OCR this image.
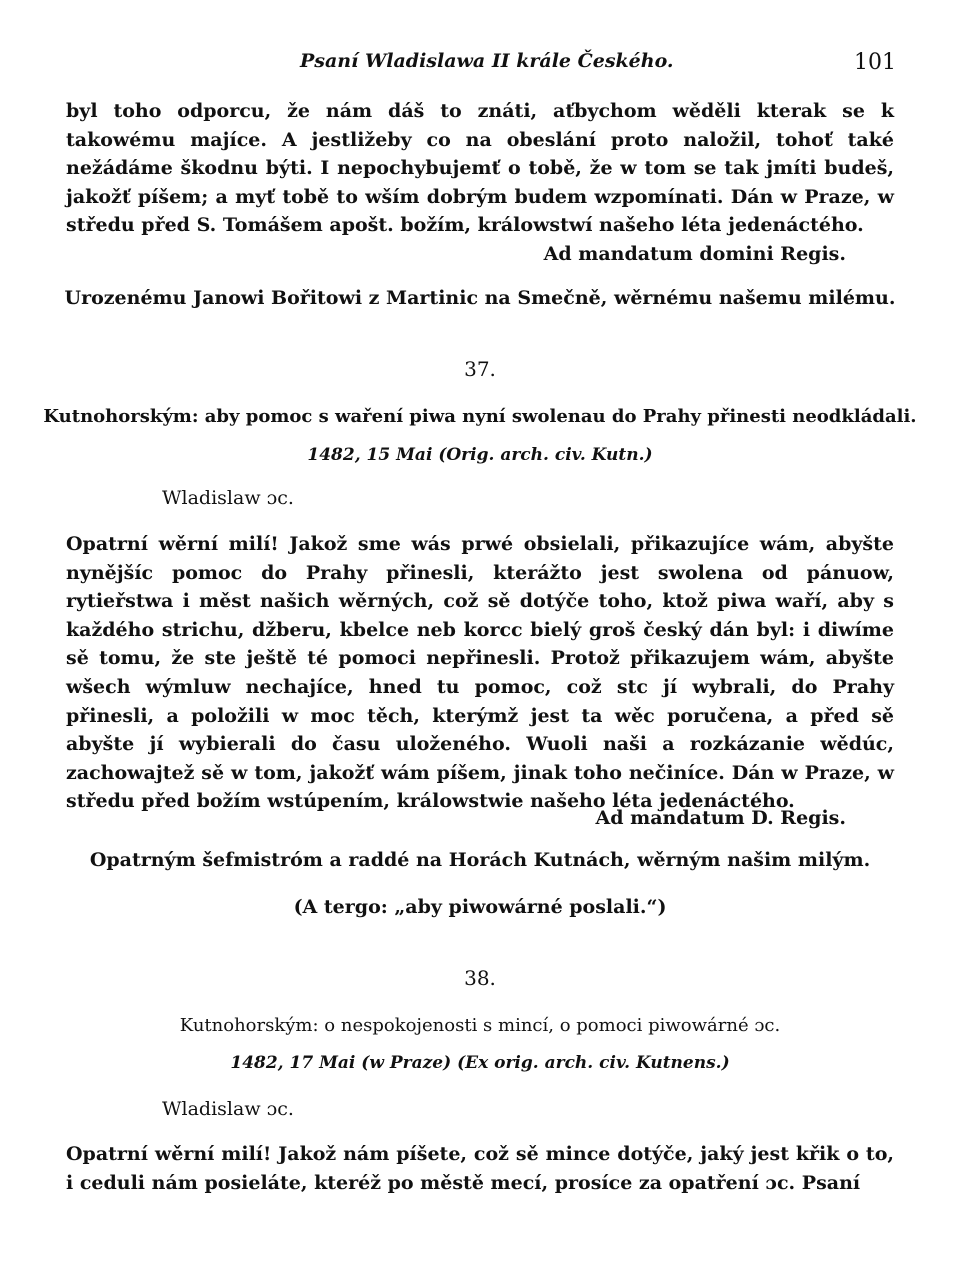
Psaní Wladislawa II krále Českého.	101
byl toho odporcu, že nám dáš to znáti, aťbychom wěděli kterak se k takowému majíce. A jestližeby co na obeslání proto naložil, tohoť také nežádáme škodnu býti. I nepochybujemť o tobě, že w tom se tak jmíti budeš, jakožť píšem; a myť tobě to wším dobrým budem wzpomínati. Dán w Praze, w středu před S. Tomášem apošt. božím, králowstwí našeho léta jedenáctého.
Ad mandatum domini Regis.
Urozenému Janowi Bořitowi z Martinic na Smečně, wěrnému našemu milému.
37.
Kutnohorským: aby pomoc s waření piwa nyní swolenau do Prahy přinesti neodkládali.
1482, 15 Mai (Orig. arch. civ. Kutn.)
Wladislaw ɔc.
Opatrní wěrní milí! Jakož sme wás prwé obsielali, přikazujíce wám, abyšte nynějšíc pomoc do Prahy přinesli, kterážto jest swolena od pánuow, rytieřstwa i měst našich wěrných, což sě dotýče toho, ktož piwa waří, aby s každého strichu, džberu, kbelce neb korcc bielý groš český dán byl: i diwíme sě tomu, že ste ještě té pomoci nepřinesli. Protož přikazujem wám, abyšte wšech wýmluw nechajíce, hned tu pomoc, což stc jí wybrali, do Prahy přinesli, a položili w moc těch, kterýmž jest ta wěc poručena, a před sě abyšte jí wybierali do času uloženého. Wuoli naši a rozkázanie wědúc, zachowajtež sě w tom, jakožť wám píšem, jinak toho nečiníce. Dán w Praze, w středu před božím wstúpením, králowstwie našeho léta jedenáctého.
Ad mandatum D. Regis.
Opatrným šefmistróm a raddé na Horách Kutnách, wěrným našim milým.
(A tergo: „aby piwowárné poslali.“)
38.
Kutnohorským: o nespokojenosti s mincí, o pomoci piwowárné ɔc.
1482, 17 Mai (w Praze) (Ex orig. arch. civ. Kutnens.)
Wladislaw ɔc.
Opatrní wěrní milí! Jakož nám píšete, což sě mince dotýče, jaký jest křik o to, i ceduli nám posieláte, kteréž po městě mecí, prosíce za opatření ɔc. Psaní
